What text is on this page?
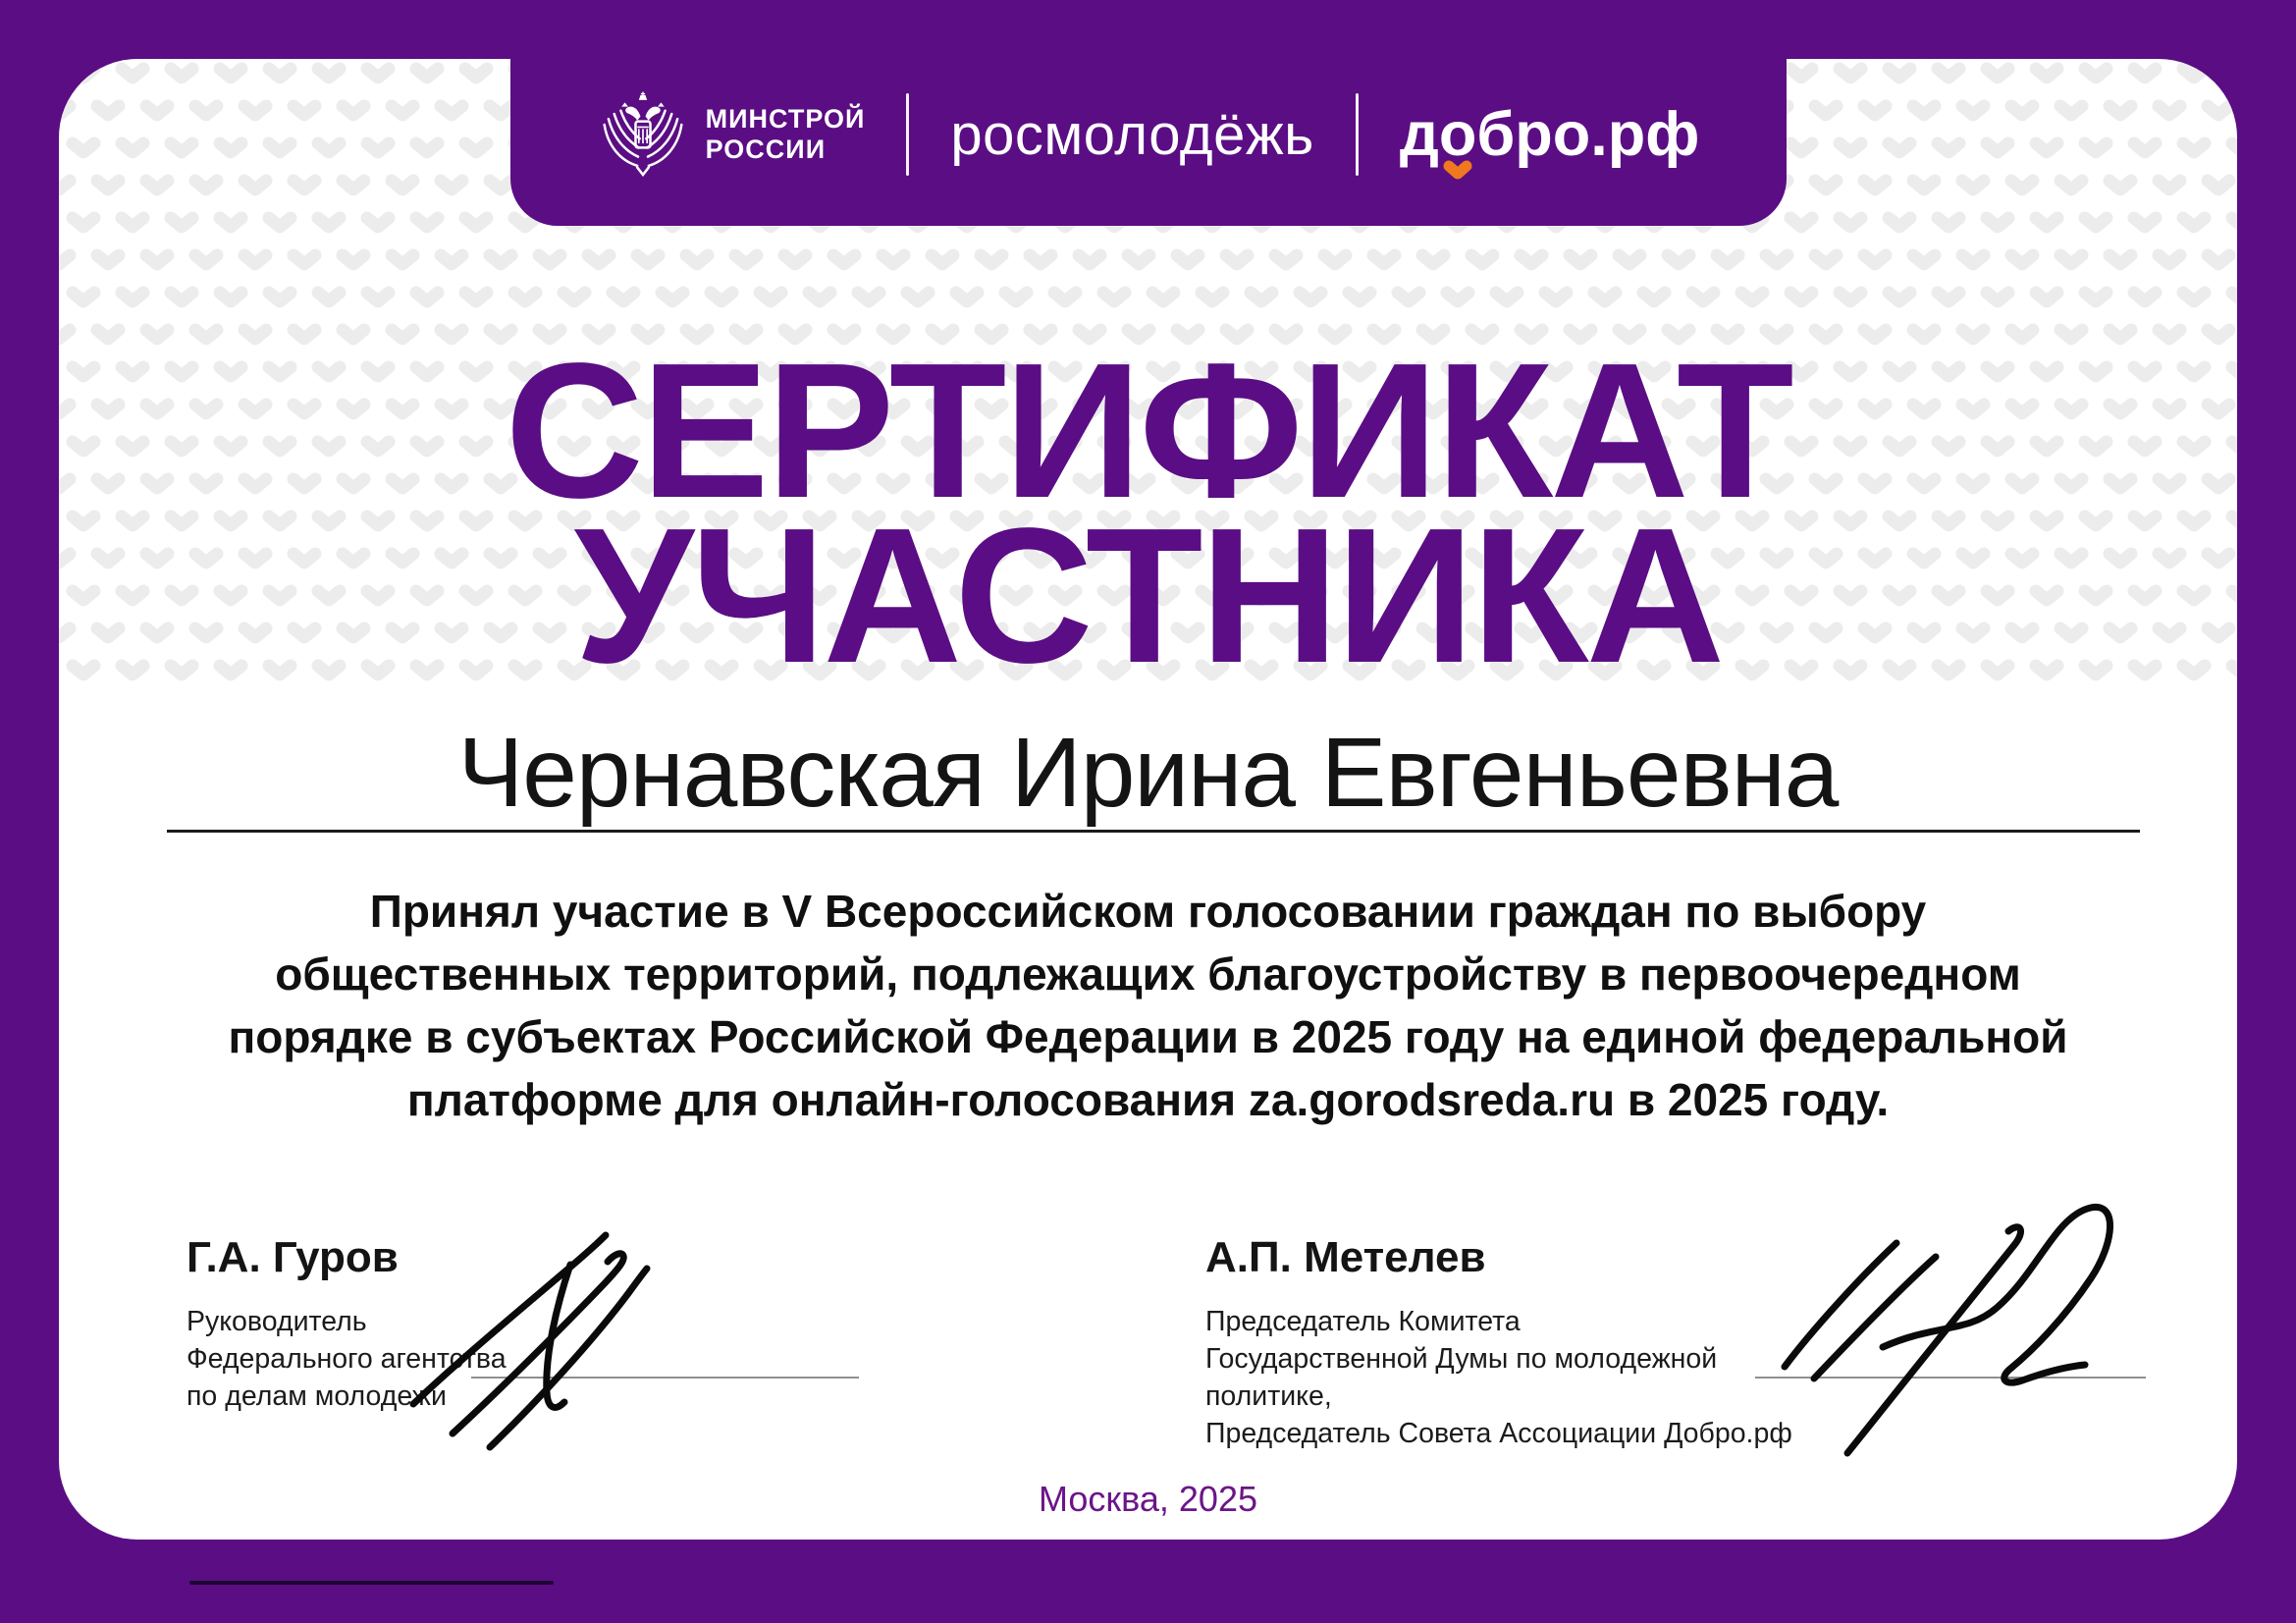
СЕРТИФИКАТ
УЧАСТНИКА
МИНСТРОЙ
РОССИИ	росмолодёжь добро.рф
Чернавская Ирина Евгеньевна
Принял участие в V Всероссийском голосовании граждан по выбору
общественных территорий, подлежащих благоустройству в первоочередном
порядке в субъектах Российской Федерации в 2025 году на единой федеральной
платформе для онлайн-голосования za.gorodsreda.ru в 2025 году.
Г.А. Гуров
Руководитель
Федерального агентства
по делам молодежи
А.П. Метелев
Председатель Комитета
Государственной Думы по молодежной политике,
Председатель Совета Ассоциации Добро.рф
Москва, 2025
